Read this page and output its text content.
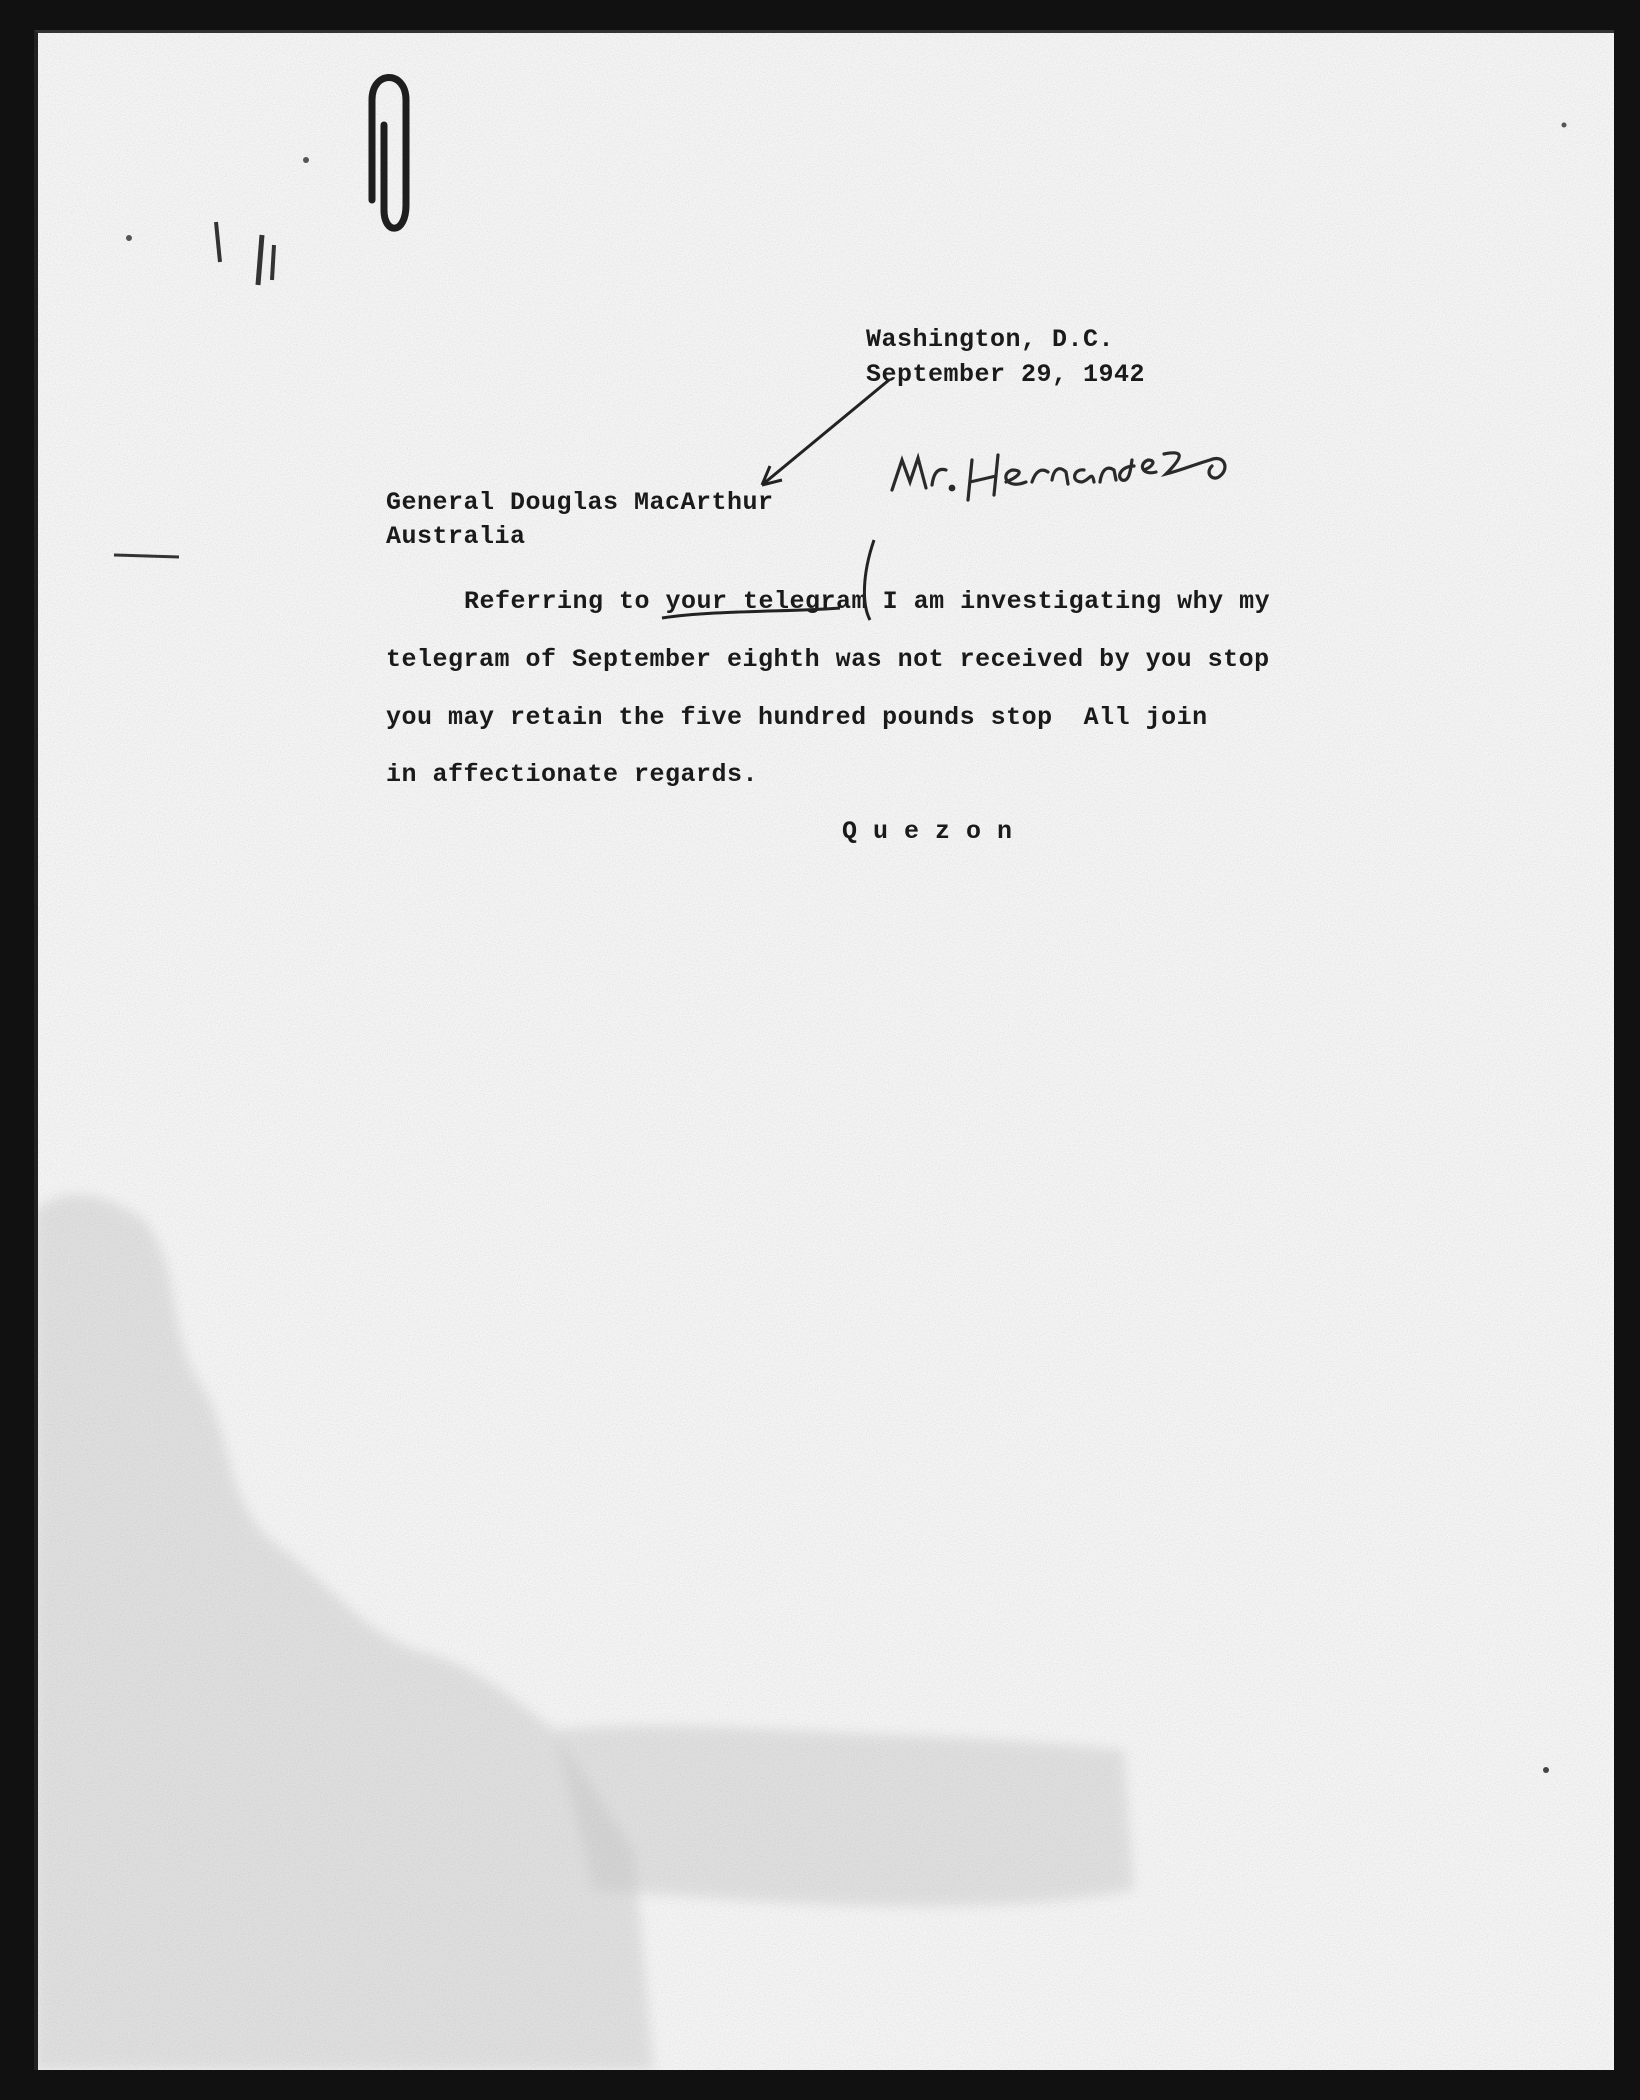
Washington, D.C.

September 29, 1942

General Douglas MacArthur

Australia

Referring to your telegram I am investigating why my

telegram of September eighth was not received by you stop

you may retain the five hundred pounds stop  All join

in affectionate regards.

Q u e z o n
